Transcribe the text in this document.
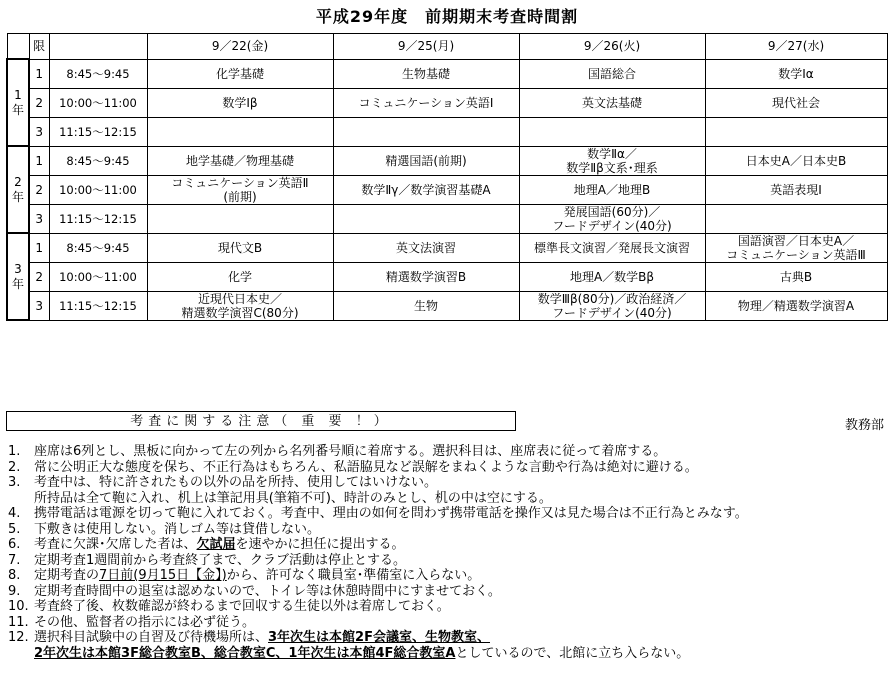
平成29年度　前期期末考査時間割
	限		9／22(金)	9／25(月)	9／26(火)	9／27(水)

1
年	1	8:45～9:45	化学基礎	生物基礎	国語総合	数学Ⅰα
	2	10:00～11:00	数学Ⅰβ	コミュニケーション英語Ⅰ	英文法基礎	現代社会
	3	11:15～12:15				

2
年	1	8:45～9:45	地学基礎／物理基礎	精選国語(前期)	数学Ⅱα／
数学Ⅱβ文系･理系	日本史A／日本史B
	2	10:00～11:00	コミュニケーション英語Ⅱ
(前期)	数学Ⅱγ／数学演習基礎A	地理A／地理B	英語表現Ⅰ
	3	11:15～12:15			発展国語(60分)／
フードデザイン(40分)	

3
年	1	8:45～9:45	現代文B	英文法演習	標準長文演習／発展長文演習	国語演習／日本史A／
コミュニケーション英語Ⅲ
	2	10:00～11:00	化学	精選数学演習B	地理A／数学Bβ	古典B
	3	11:15～12:15	近現代日本史／
精選数学演習C(80分)	生物	数学Ⅲβ(80分)／政治経済／
フードデザイン(40分)	物理／精選数学演習A
考査に関する注意（ 重 要 ！）	教務部
1.	座席は6列とし、黒板に向かって左の列から名列番号順に着席する。選択科目は、座席表に従って着席する。
2.	常に公明正大な態度を保ち、不正行為はもちろん、私語脇見など誤解をまねくような言動や行為は絶対に避ける。
3.	考査中は、特に許されたもの以外の品を所持、使用してはいけない。
所持品は全て鞄に入れ、机上は筆記用具(筆箱不可)、時計のみとし、机の中は空にする。
4.	携帯電話は電源を切って鞄に入れておく。考査中、理由の如何を問わず携帯電話を操作又は見た場合は不正行為とみなす。
5.	下敷きは使用しない。消しゴム等は貸借しない。
6.	考査に欠課･欠席した者は、欠試届を速やかに担任に提出する。
7.	定期考査1週間前から考査終了まで、クラブ活動は停止とする。
8.	定期考査の7日前(9月15日【金】)から、許可なく職員室･準備室に入らない。
9.	定期考査時間中の退室は認めないので、トイレ等は休憩時間中にすませておく。
10. 考査終了後、枚数確認が終わるまで回収する生徒以外は着席しておく。
11. その他、監督者の指示には必ず従う。
12. 選択科目試験中の自習及び待機場所は、3年次生は本館2F会議室、生物教室、
2年次生は本館3F総合教室B、総合教室C、1年次生は本館4F総合教室Aとしているので、北館に立ち入らない。
